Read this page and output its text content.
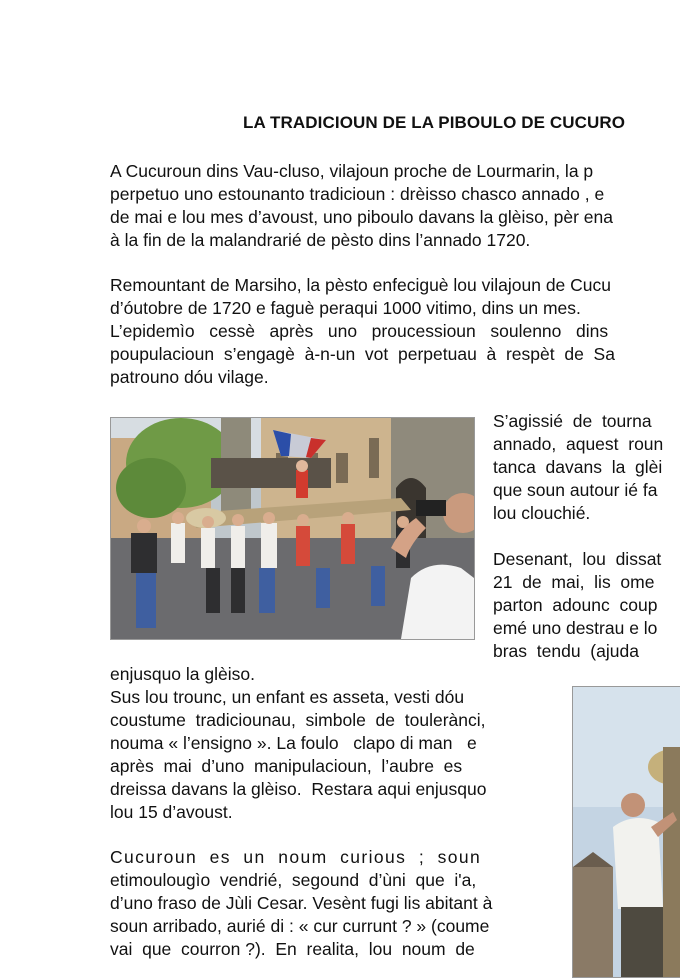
LA TRADICIOUN DE LA PIBOULO DE CUCURO
A Cucuroun dins Vau-cluso, vilajoun proche de Lourmarin, la p
perpetuo uno estounanto tradicioun : drèisso chasco annado , e
de mai e lou mes d’avoust, uno piboulo davans la glèiso, pèr ena
à la fin de la malandrarié de pèsto dins l’annado 1720.
Remountant de Marsiho, la pèsto enfeciguè lou vilajoun de Cucu
d’óutobre de 1720 e faguè peraqui 1000 vitimo, dins un mes.
L’epidemìo   cessè   après   uno   proucessioun   soulenno   dins
poupulacioun  s’engagè  à-n-un  vot  perpetuau  à  respèt  de  Sa
patrouno dóu vilage.
S’agissié  de  tourna
annado,  aquest  roun
tanca  davans  la  glèi
que soun autour ié fa
lou clouchié.
Desenant,  lou  dissat
21  de  mai,  lis  ome
parton  adounc  coup
emé uno destrau e lo
bras  tendu  (ajuda
enjusquo la glèiso.
Sus lou trounc, un enfant es asseta, vesti dóu
coustume  tradiciounau,  simbole  de  toulerànci,
nouma « l’ensigno ». La foulo   clapo di man   e
après  mai  d’uno  manipulacioun,  l’aubre  es
dreissa davans la glèiso.  Restara aqui enjusquo
lou 15 d’avoust.
Cucuroun  es  un  noum  curious  ;  soun
etimoulougìo  vendrié,  segound  d’ùni  que  i'a,
d’uno fraso de Jùli Cesar. Vesènt fugi lis abitant à
soun arribado, aurié di : « cur currunt ? » (coume
vai  que  courron ?).  En  realita,  lou  noum  de
